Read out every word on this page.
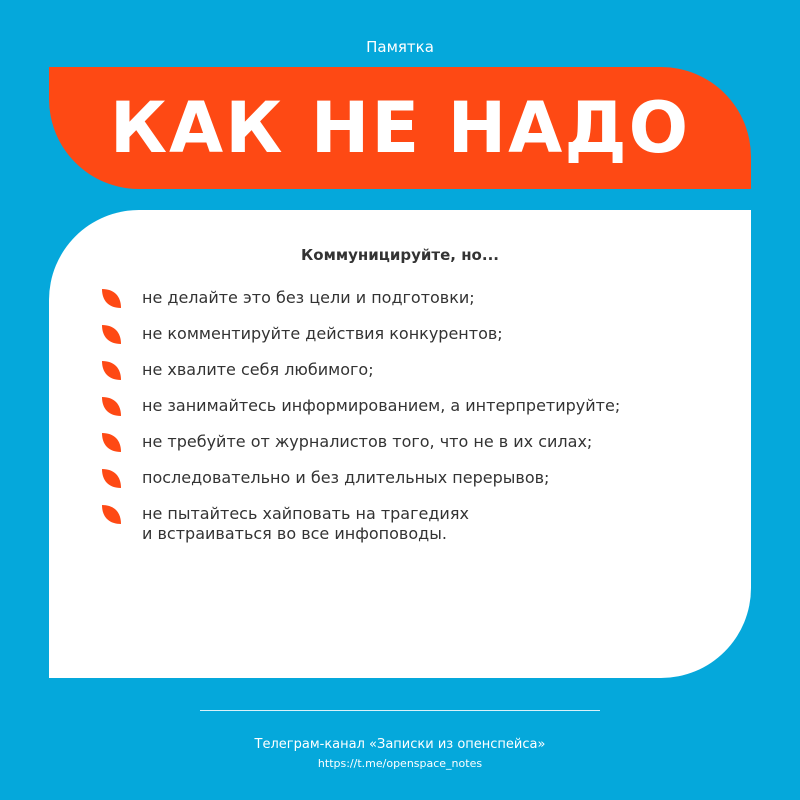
Памятка
КАК НЕ НАДО
Коммуницируйте, но...
не делайте это без цели и подготовки;
не комментируйте действия конкурентов;
не хвалите себя любимого;
не занимайтесь информированием, а интерпретируйте;
не требуйте от журналистов того, что не в их силах;
последовательно и без длительных перерывов;
не пытайтесь хайповать на трагедиях
и встраиваться во все инфоповоды.
Телеграм-канал «Записки из опенспейса»
https://t.me/openspace_notes
